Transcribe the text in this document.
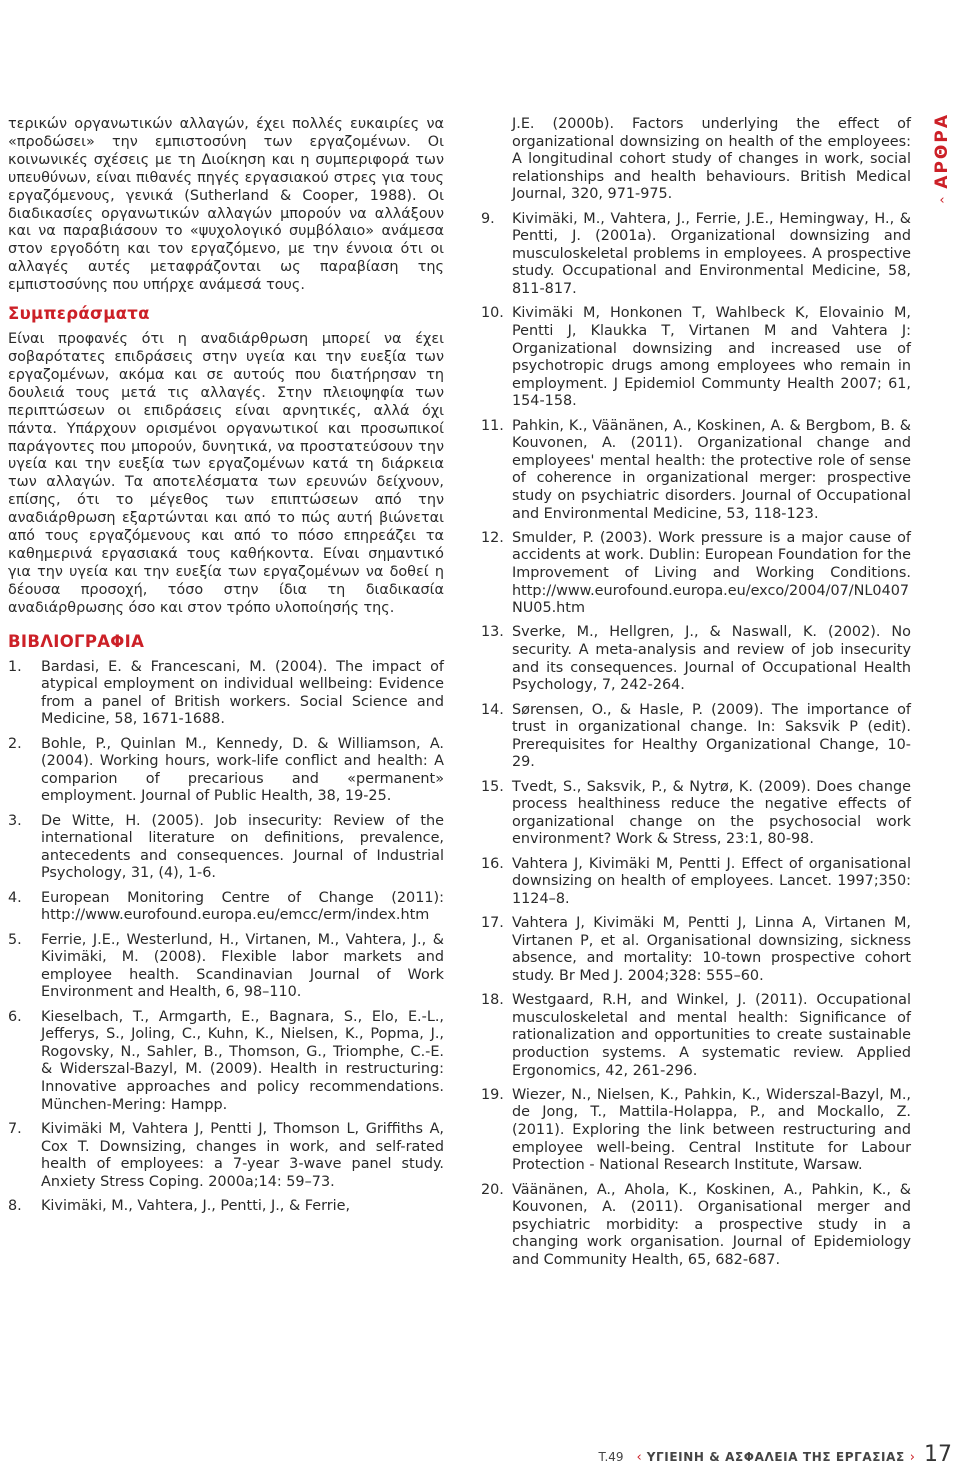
τερικών οργανωτικών αλλαγών, έχει πολλές ευκαιρίες να «προδώσει» την εμπιστοσύνη των εργαζομένων. Οι κοινωνικές σχέσεις με τη Διοίκηση και η συμπεριφορά των υπευθύνων, είναι πιθανές πηγές εργασιακού στρες για τους εργαζόμενους, γενικά (Sutherland & Cooper, 1988). Οι διαδικασίες οργανωτικών αλλαγών μπορούν να αλλάξουν και να παραβιάσουν το «ψυχολογικό συμβόλαιο» ανάμεσα στον εργοδότη και τον εργαζόμενο, με την έννοια ότι οι αλλαγές αυτές μεταφράζονται ως παραβίαση της εμπιστοσύνης που υπήρχε ανάμεσά τους.

Συμπεράσματα

Είναι προφανές ότι η αναδιάρθρωση μπορεί να έχει σοβαρότατες επιδράσεις στην υγεία και την ευεξία των εργαζομένων, ακόμα και σε αυτούς που διατήρησαν τη δουλειά τους μετά τις αλλαγές. Στην πλειοψηφία των περιπτώσεων οι επιδράσεις είναι αρνητικές, αλλά όχι πάντα. Υπάρχουν ορισμένοι οργανωτικοί και προσωπικοί παράγοντες που μπορούν, δυνητικά, να προστατεύσουν την υγεία και την ευεξία των εργαζομένων κατά τη διάρκεια των αλλαγών. Τα αποτελέσματα των ερευνών δείχνουν, επίσης, ότι το μέγεθος των επιπτώσεων από την αναδιάρθρωση εξαρτώνται και από το πώς αυτή βιώνεται από τους εργαζόμενους και από το πόσο επηρεάζει τα καθημερινά εργασιακά τους καθήκοντα. Είναι σημαντικό για την υγεία και την ευεξία των εργαζομένων να δοθεί η δέουσα προσοχή, τόσο στην ίδια τη διαδικασία αναδιάρθρωσης όσο και στον τρόπο υλοποίησής της.

ΒΙΒΛΙΟΓΡΑΦΙΑ
1.	Bardasi, E. & Francescani, M. (2004). The impact of atypical employment on individual wellbeing: Evidence from a panel of British workers. Social Science and Medicine, 58, 1671-1688.
2.	Bohle, P., Quinlan M., Kennedy, D. & Williamson, A. (2004). Working hours, work-life conflict and health: A comparion of precarious and «permanent» employment. Journal of Public Health, 38, 19-25.
3.	De Witte, H. (2005). Job insecurity: Review of the international literature on definitions, prevalence, antecedents and consequences. Journal of Industrial Psychology, 31, (4), 1-6.
4.	European Monitoring Centre of Change (2011): http://www.eurofound.europa.eu/emcc/erm/index.htm
5.	Ferrie, J.E., Westerlund, H., Virtanen, M., Vahtera, J., & Kivimäki, M. (2008). Flexible labor markets and employee health. Scandinavian Journal of Work Environment and Health, 6, 98–110.
6.	Kieselbach, T., Armgarth, E., Bagnara, S., Elo, E.-L., Jefferys, S., Joling, C., Kuhn, K., Nielsen, K., Popma, J., Rogovsky, N., Sahler, B., Thomson, G., Triomphe, C.-E. & Widerszal-Bazyl, M. (2009). Health in restructuring: Innovative approaches and policy recommendations. München-Mering: Hampp.
7.	Kivimäki M, Vahtera J, Pentti J, Thomson L, Griffiths A, Cox T. Downsizing, changes in work, and self-rated health of employees: a 7-year 3-wave panel study. Anxiety Stress Coping. 2000a;14: 59–73.
8.	Kivimäki, M., Vahtera, J., Pentti, J., & Ferrie,
J.E. (2000b). Factors underlying the effect of organizational downsizing on health of the employees: A longitudinal cohort study of changes in work, social relationships and health behaviours. British Medical Journal, 320, 971-975.
9.	Kivimäki, M., Vahtera, J., Ferrie, J.E., Hemingway, H., & Pentti, J. (2001a). Organizational downsizing and musculoskeletal problems in employees. A prospective study. Occupational and Environmental Medicine, 58, 811-817.
10. Kivimäki M, Honkonen T, Wahlbeck K, Elovainio M, Pentti J, Klaukka T, Virtanen M and Vahtera J: Organizational downsizing and increased use of psychotropic drugs among employees who remain in employment. J Epidemiol Communty Health 2007; 61, 154-158.
11. Pahkin, K., Väänänen, A., Koskinen, A. & Bergbom, B. & Kouvonen, A. (2011). Organizational change and employees' mental health: the protective role of sense of coherence in organizational merger: prospective study on psychiatric disorders. Journal of Occupational and Environmental Medicine, 53, 118-123.
12. Smulder, P. (2003). Work pressure is a major cause of accidents at work. Dublin: European Foundation for the Improvement of Living and Working Conditions. http://www.eurofound.europa.eu/exco/2004/07/NL0407NU05.htm
13. Sverke, M., Hellgren, J., & Naswall, K. (2002). No security. A meta-analysis and review of job insecurity and its consequences. Journal of Occupational Health Psychology, 7, 242-264.
14. Sørensen, O., & Hasle, P. (2009). The importance of trust in organizational change. In: Saksvik P (edit). Prerequisites for Healthy Organizational Change, 10-29.
15. Tvedt, S., Saksvik, P., & Nytrø, K. (2009). Does change process healthiness reduce the negative effects of organizational change on the psychosocial work environment? Work & Stress, 23:1, 80-98.
16. Vahtera J, Kivimäki M, Pentti J. Effect of organisational downsizing on health of employees. Lancet. 1997;350: 1124–8.
17. Vahtera J, Kivimäki M, Pentti J, Linna A, Virtanen M, Virtanen P, et al. Organisational downsizing, sickness absence, and mortality: 10-town prospective cohort study. Br Med J. 2004;328: 555–60.
18. Westgaard, R.H, and Winkel, J. (2011). Occupational musculoskeletal and mental health: Significance of rationalization and opportunities to create sustainable production systems. A systematic review. Applied Ergonomics, 42, 261-296.
19. Wiezer, N., Nielsen, K., Pahkin, K., Widerszal-Bazyl, M., de Jong, T., Mattila-Holappa, P., and Mockallo, Z. (2011). Exploring the link between restructuring and employee well-being. Central Institute for Labour Protection - National Research Institute, Warsaw.
20. Väänänen, A., Ahola, K., Koskinen, A., Pahkin, K., & Kouvonen, A. (2011). Organisational merger and psychiatric morbidity: a prospective study in a changing work organisation. Journal of Epidemiology and Community Health, 65, 682-687.
ΑΡΘΡΑ
‹
T.49 ‹ ΥΓΙΕΙΝΗ & ΑΣΦΑΛΕΙΑ ΤΗΣ ΕΡΓΑΣΙΑΣ › 17
